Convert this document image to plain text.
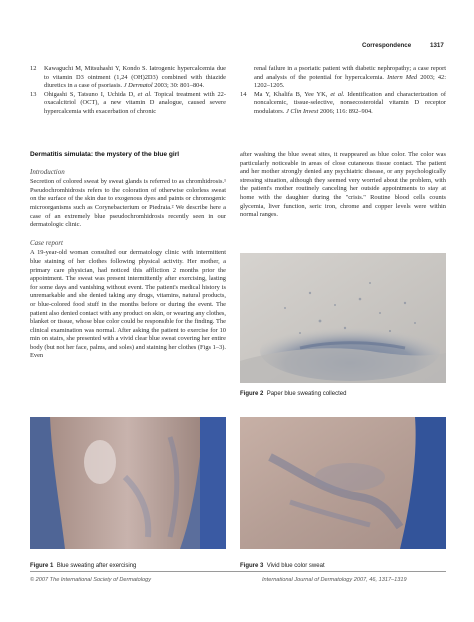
Correspondence	1317

12 Kawaguchi M, Mitsuhashi Y, Kondo S. Iatrogenic hypercalcemia due to vitamin D3 ointment (1,24 (OH)2D3) combined with thiazide diuretics in a case of psoriasis. J Dermatol 2003; 30: 801–804.

13 Ohigashi S, Tatsuno I, Uchida D, et al. Topical treatment with 22-oxacalcitriol (OCT), a new vitamin D analogue, caused severe hypercalcemia with exacerbation of chronic

renal failure in a psoriatic patient with diabetic nephropathy; a case report and analysis of the potential for hypercalcemia. Intern Med 2003; 42: 1202–1205.

14 Ma Y, Khalifa B, Yee YK, et al. Identification and characterization of noncalcemic, tissue-selective, nonsecosteroidal vitamin D receptor modulators. J Clin Invest 2006; 116: 892–904.

Dermatitis simulata: the mystery of the blue girl
Introduction

Secretion of colored sweat by sweat glands is referred to as chromhidrosis.¹ Pseudochromhidrosis refers to the coloration of otherwise colorless sweat on the surface of the skin due to exogenous dyes and paints or chromogenic microorganisms such as Corynebacterium or Piedraia.² We describe here a case of an extremely blue pseudochromhidrosis recently seen in our dermatologic clinic.

Case report

A 19-year-old woman consulted our dermatology clinic with intermittent blue staining of her clothes following physical activity. Her mother, a primary care physician, had noticed this affliction 2 months prior the appointment. The sweat was present intermittently after exercising, lasting for some days and vanishing without event. The patient's medical history is unremarkable and she denied taking any drugs, vitamins, natural products, or blue-colored food stuff in the months before or during the event. The patient also denied contact with any product on skin, or wearing any clothes, blanket or tissue, whose blue color could be responsible for the finding. The clinical examination was normal. After asking the patient to exercise for 10 min on stairs, she presented with a vivid clear blue sweat covering her entire body (but not her face, palms, and soles) and staining her clothes (Figs 1–3). Even

after washing the blue sweat sites, it reappeared as blue color. The color was particularly noticeable in areas of close cutaneous tissue contact. The patient and her mother strongly denied any psychiatric disease, or any psychologically stressing situation, although they seemed very worried about the problem, with the patient's mother routinely canceling her outside appointments to stay at home with the daughter during the "crisis." Routine blood cells counts glycemia, liver function, seric iron, chrome and copper levels were within normal ranges.

Figure 2 Paper blue sweating collected
Figure 1 Blue sweating after exercising	Figure 3 Vivid blue color sweat
© 2007 The International Society of Dermatology	International Journal of Dermatology 2007, 46, 1317–1319
